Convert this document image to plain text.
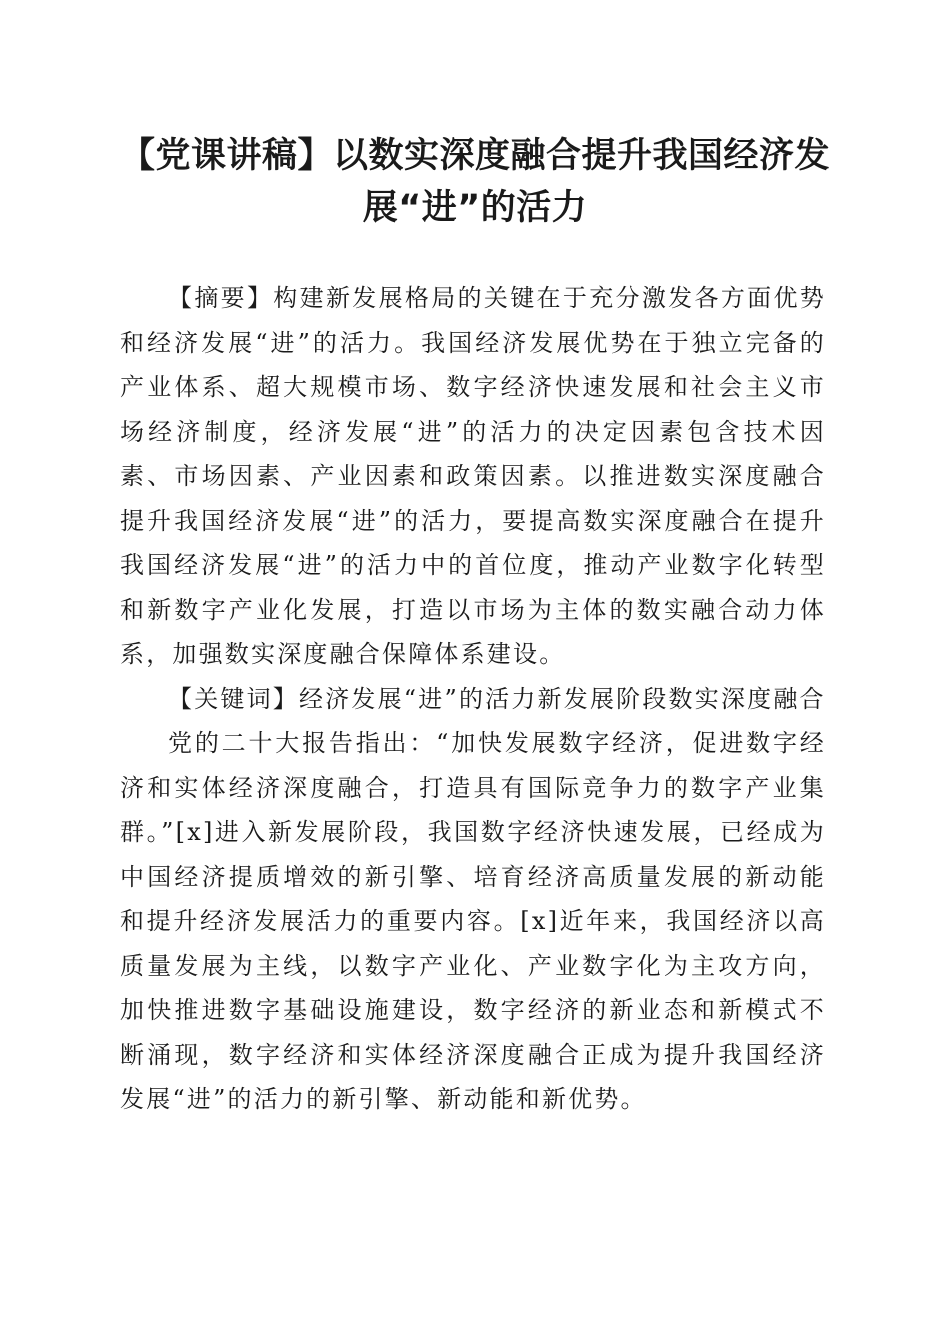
【党课讲稿】以数实深度融合提升我国经济发展“进”的活力

【摘要】构建新发展格局的关键在于充分激发各方面优势和经济发展“进”的活力。我国经济发展优势在于独立完备的产业体系、超大规模市场、数字经济快速发展和社会主义市场经济制度，经济发展“进”的活力的决定因素包含技术因素、市场因素、产业因素和政策因素。以推进数实深度融合提升我国经济发展“进”的活力，要提高数实深度融合在提升我国经济发展“进”的活力中的首位度，推动产业数字化转型和新数字产业化发展，打造以市场为主体的数实融合动力体系，加强数实深度融合保障体系建设。

【关键词】经济发展“进”的活力新发展阶段数实深度融合

党的二十大报告指出：“加快发展数字经济，促进数字经济和实体经济深度融合，打造具有国际竞争力的数字产业集群。”[x]进入新发展阶段，我国数字经济快速发展，已经成为中国经济提质增效的新引擎、培育经济高质量发展的新动能和提升经济发展活力的重要内容。[x]近年来，我国经济以高质量发展为主线，以数字产业化、产业数字化为主攻方向，加快推进数字基础设施建设，数字经济的新业态和新模式不断涌现，数字经济和实体经济深度融合正成为提升我国经济发展“进”的活力的新引擎、新动能和新优势。
